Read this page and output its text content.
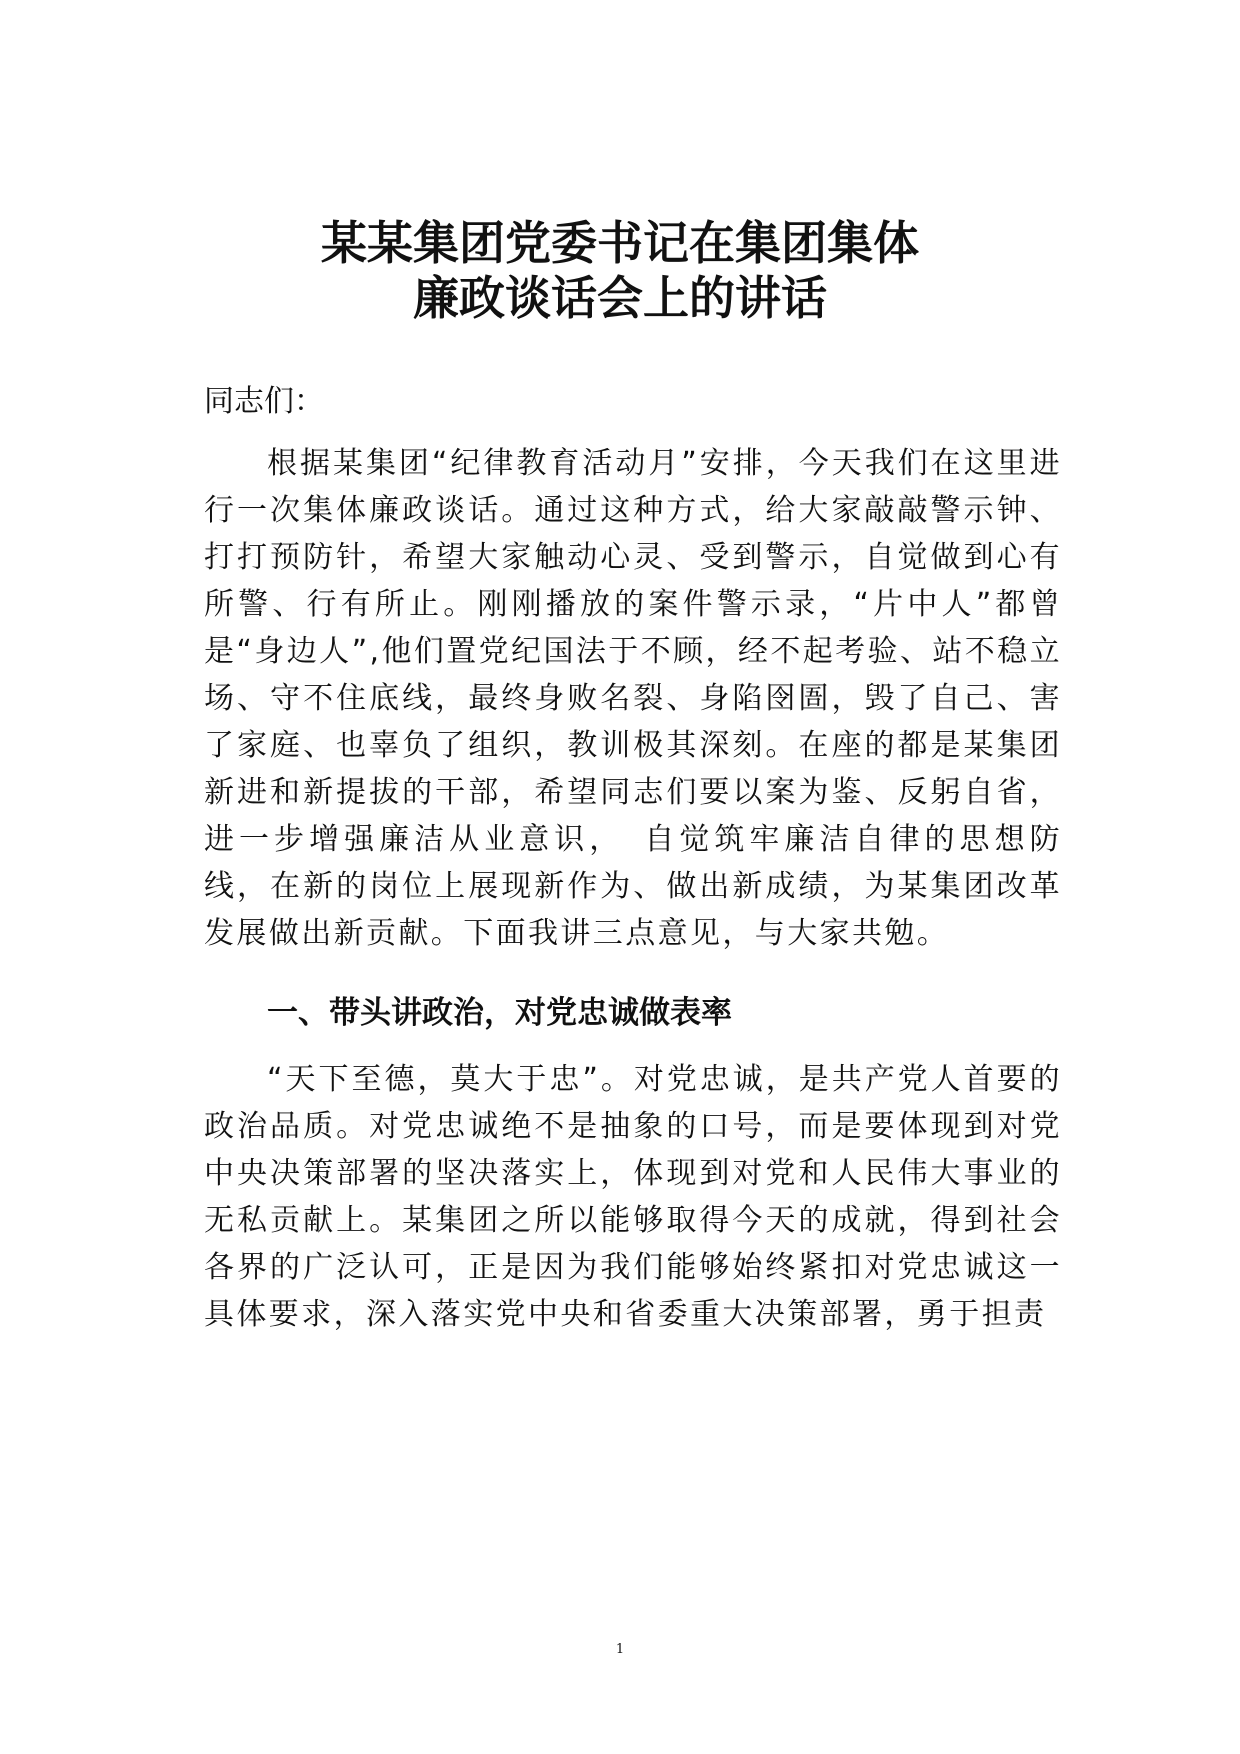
某某集团党委书记在集团集体
廉政谈话会上的讲话

同志们：

根据某集团“纪律教育活动月”安排，今天我们在这里进行一次集体廉政谈话。通过这种方式，给大家敲敲警示钟、打打预防针，希望大家触动心灵、受到警示，自觉做到心有所警、行有所止。刚刚播放的案件警示录，“片中人”都曾是“身边人”,他们置党纪国法于不顾，经不起考验、站不稳立场、守不住底线，最终身败名裂、身陷囹圄，毁了自己、害了家庭、也辜负了组织，教训极其深刻。在座的都是某集团新进和新提拔的干部，希望同志们要以案为鉴、反躬自省，进一步增强廉洁从业意识，　自觉筑牢廉洁自律的思想防线，在新的岗位上展现新作为、做出新成绩，为某集团改革发展做出新贡献。下面我讲三点意见，与大家共勉。

一、带头讲政治，对党忠诚做表率

“天下至德，莫大于忠”。对党忠诚，是共产党人首要的政治品质。对党忠诚绝不是抽象的口号，而是要体现到对党中央决策部署的坚决落实上，体现到对党和人民伟大事业的无私贡献上。某集团之所以能够取得今天的成就，得到社会各界的广泛认可，正是因为我们能够始终紧扣对党忠诚这一具体要求，深入落实党中央和省委重大决策部署，勇于担责

1
